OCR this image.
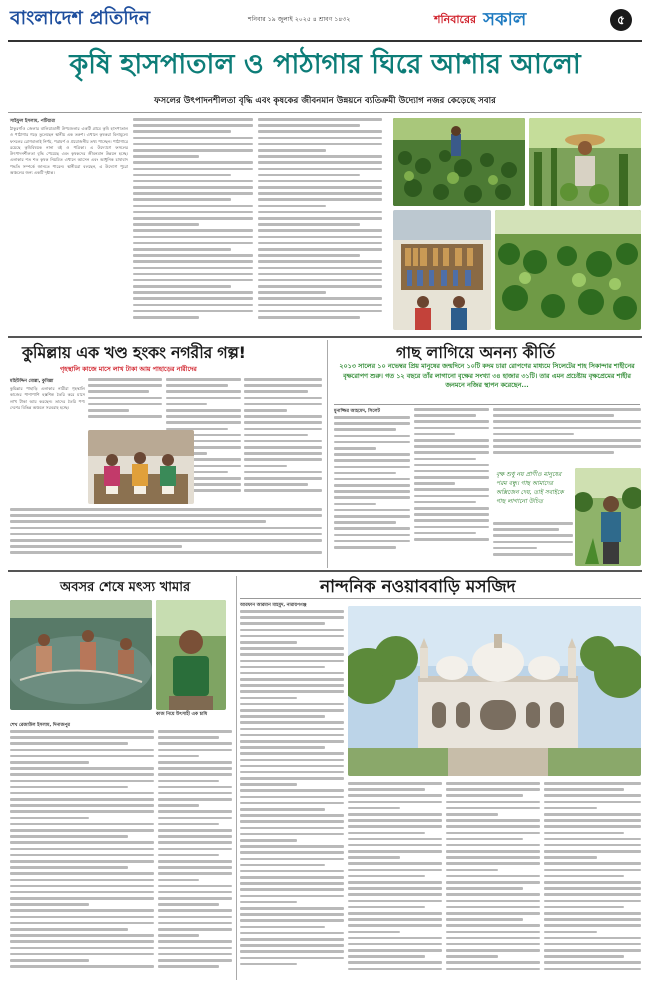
বাংলাদেশ প্রতিদিন	শনিবার ১৯ জুলাই ২০২৫ ৪ শ্রাবণ ১৪৩২	শনিবারের সকাল	৫
কৃষি হাসপাতাল ও পাঠাগার ঘিরে আশার আলো
ফসলের উৎপাদনশীলতা বৃদ্ধি এবং কৃষকের জীবনমান উন্নয়নে ব্যতিক্রমী উদ্যোগ নজর কেড়েছে সবার
সাইফুল ইসলাম, পটিয়ারা
ঠাকুরগাঁও জেলার বালিয়াডাঙ্গী উপজেলার একটি গ্রামে কৃষি হাসপাতাল ও পাঠাগার গড়ে তুলেছেন স্থানীয় এক তরুণ। এখানে কৃষকরা বিনামূল্যে ফসলের রোগবালাই নির্ণয়, পরামর্শ ও প্রয়োজনীয় তথ্য পাচ্ছেন। পাঠাগারে রয়েছে কৃষিবিষয়ক নানা বই ও পত্রিকা। এ উদ্যোগে ফসলের উৎপাদনশীলতা বৃদ্ধি পেয়েছে এবং কৃষকদের জীবনমান উন্নয়ন হচ্ছে। এলাকার শত শত কৃষক নিয়মিত এখানে আসেন এবং আধুনিক চাষাবাদ পদ্ধতি সম্পর্কে জানতে পারেন। স্থানীয়রা বলছেন, এ উদ্যোগ পুরো অঞ্চলের জন্য একটি দৃষ্টান্ত।
কুমিল্লায় এক খণ্ড হংকং নগরীর গল্প!
গৃহস্থালি কাজে মাসে লাখ টাকা আয় পাহাড়ের নারীদের
মহিউদ্দিন মোল্লা, কুমিল্লা
কুমিল্লার পাহাড়ি এলাকার নারীরা গৃহস্থালি কাজের পাশাপাশি হস্তশিল্প তৈরি করে মাসে লাখ টাকা আয় করছেন। তাদের তৈরি পণ্য দেশের বিভিন্ন অঞ্চলে সরবরাহ হচ্ছে।
গাছ লাগিয়ে অনন্য কীর্তি
২০১৩ সালের ১০ নভেম্বর প্রিয় মানুষের জন্মদিনে ১০টি কদম চারা রোপণের মাধ্যমে সিলেটের শাহ সিকান্দার শাহীনের বৃক্ষরোপণ শুরু। গত ১২ বছরে তাঁর লাগানো বৃক্ষের সংখ্যা ৩৪ হাজার ৩১টি। তার এমন প্রচেষ্টায় বৃক্ষপ্রেমের শাহীর জনমনে নজির স্থাপন করেছেন...
মুনাজ্জির আহমেদ, সিলেট
বৃক্ষ শুধু নয় প্রাণীও মানুষের পরম বন্ধু। গাছ আমাদের অক্সিজেন দেয়, তাই সবাইকে গাছ লাগানো উচিত
অবসর শেষে মৎস্য খামার
কাজ নিয়ে উৎসাহী এক চাষি
শেখ রেজাউল ইসলাম, দিনাজপুর
নান্দনিক নওয়াববাড়ি মসজিদ
আরফান আরমান মাহমুদ, নারায়ণগঞ্জ
